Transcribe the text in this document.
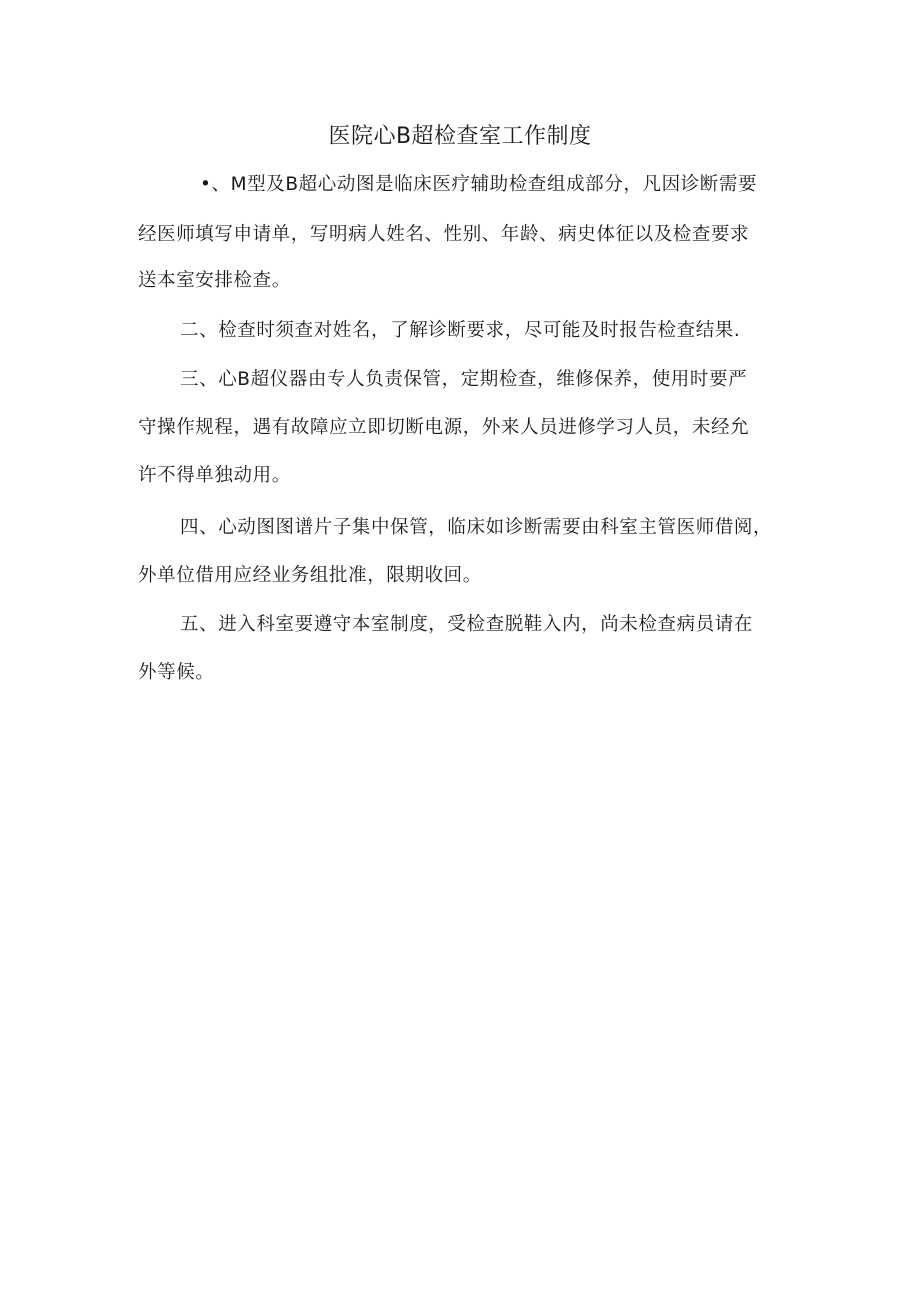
医院心B超检查室工作制度
•、M型及B超心动图是临床医疗辅助检查组成部分，凡因诊断需要
经医师填写申请单，写明病人姓名、性别、年龄、病史体征以及检查要求
送本室安排检查。
二、检查时须查对姓名，了解诊断要求，尽可能及时报告检查结果.
三、心B超仪器由专人负责保管，定期检查，维修保养，使用时要严
守操作规程，遇有故障应立即切断电源，外来人员进修学习人员，未经允
许不得单独动用。
四、心动图图谱片子集中保管，临床如诊断需要由科室主管医师借阅，
外单位借用应经业务组批准，限期收回。
五、进入科室要遵守本室制度，受检查脱鞋入内，尚未检查病员请在
外等候。
